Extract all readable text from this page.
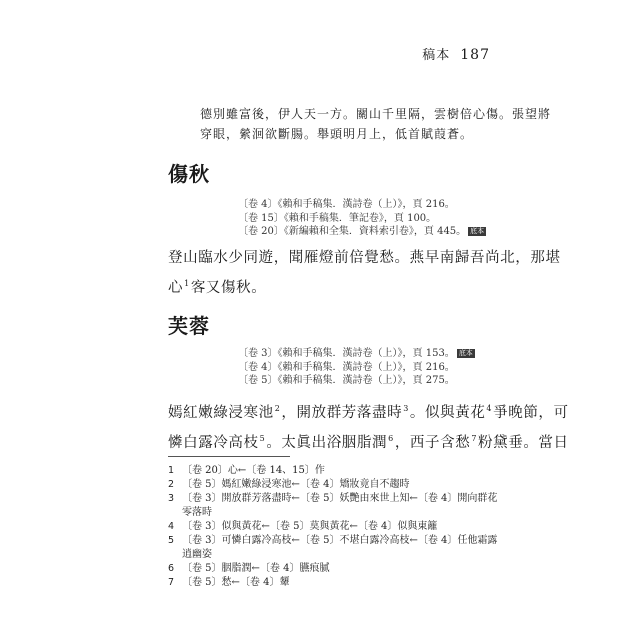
稿本 187
德別雖富後，伊人天一方。關山千里隔，雲樹倍心傷。張望將
穿眼，縈洄欲斷腸。舉頭明月上，低首賦葭蒼。
傷秋
〔卷 4〕《賴和手稿集．漢詩卷（上）》，頁 216。
〔卷 15〕《賴和手稿集．筆記卷》，頁 100。
〔卷 20〕《新編賴和全集．資料索引卷》，頁 445。 底本
登山臨水少同遊，聞雁燈前倍覺愁。燕早南歸吾尚北，那堪
心$^1$客又傷秋。
芙蓉
〔卷 3〕《賴和手稿集．漢詩卷（上）》，頁 153。 底本
〔卷 4〕《賴和手稿集．漢詩卷（上）》，頁 216。
〔卷 5〕《賴和手稿集．漢詩卷（上）》，頁 275。
嫣紅嫩綠浸寒池$^2$，開放群芳落盡時$^3$。似與黃花$^4$爭晚節，可
憐白露冷高枝$^5$。太眞出浴胭脂潤$^6$，西子含愁$^7$粉黛垂。當日
1 〔卷 20〕心←〔卷 14、15〕作
2 〔卷 5〕媽紅嫩綠浸寒池←〔卷 4〕矯妝竟自不趨時
3 〔卷 3〕開放群芳落盡時←〔卷 5〕妖艷由來世上知←〔卷 4〕開向群花
零落時
4 〔卷 3〕似與黃花←〔卷 5〕莫與黃花←〔卷 4〕似與東籬
5 〔卷 3〕可憐白露冷高枝←〔卷 5〕不堪白露冷高枝←〔卷 4〕任他霜露
逍幽姿
6 〔卷 5〕胭脂潤←〔卷 4〕臙痕膩
7 〔卷 5〕愁←〔卷 4〕顰
